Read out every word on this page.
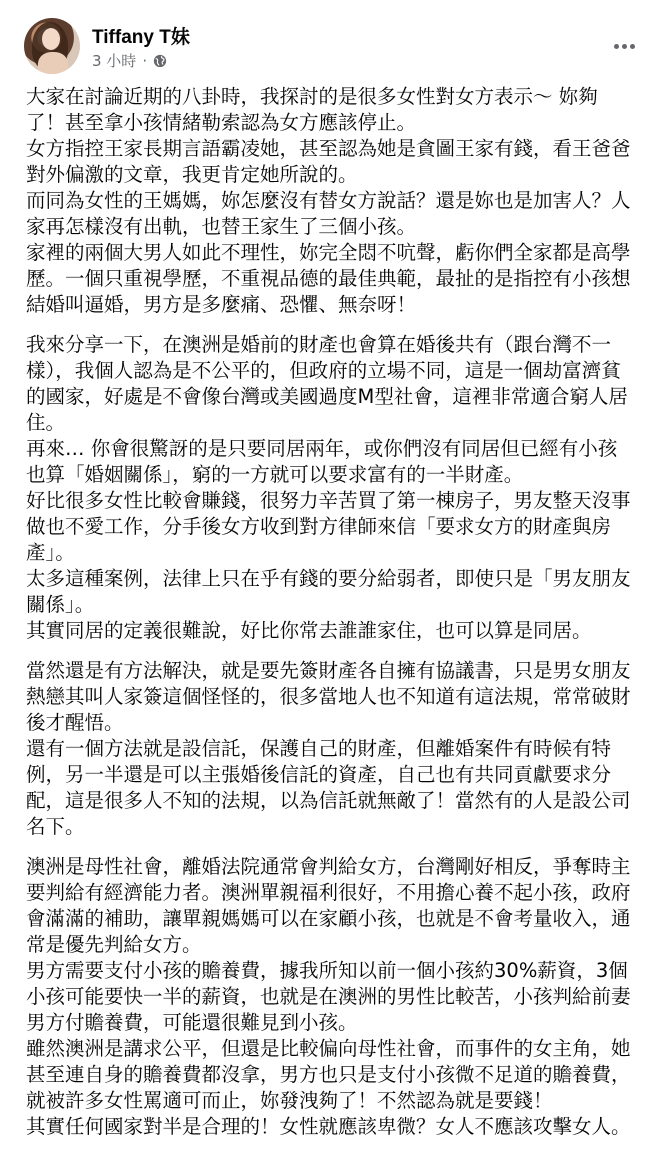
Tiffany T妹
3 小時 ·
大家在討論近期的八卦時，我探討的是很多女性對女方表示～ 妳夠
了！甚至拿小孩情緒勒索認為女方應該停止。
女方指控王家長期言語霸凌她，甚至認為她是貪圖王家有錢，看王爸爸
對外偏激的文章，我更肯定她所說的。
而同為女性的王媽媽，妳怎麼沒有替女方說話？還是妳也是加害人？人
家再怎樣沒有出軌，也替王家生了三個小孩。
家裡的兩個大男人如此不理性，妳完全悶不吭聲，虧你們全家都是高學
歷。一個只重視學歷，不重視品德的最佳典範，最扯的是指控有小孩想
結婚叫逼婚，男方是多麼痛、恐懼、無奈呀！
我來分享一下，在澳洲是婚前的財產也會算在婚後共有（跟台灣不一
樣），我個人認為是不公平的，但政府的立場不同，這是一個劫富濟貧
的國家，好處是不會像台灣或美國過度M型社會，這裡非常適合窮人居
住。
再來… 你會很驚訝的是只要同居兩年，或你們沒有同居但已經有小孩
也算「婚姻關係」，窮的一方就可以要求富有的一半財產。
好比很多女性比較會賺錢，很努力辛苦買了第一棟房子，男友整天沒事
做也不愛工作，分手後女方收到對方律師來信「要求女方的財產與房
產」。
太多這種案例，法律上只在乎有錢的要分給弱者，即使只是「男友朋友
關係」。
其實同居的定義很難說，好比你常去誰誰家住，也可以算是同居。
當然還是有方法解決，就是要先簽財產各自擁有協議書，只是男女朋友
熱戀其叫人家簽這個怪怪的，很多當地人也不知道有這法規，常常破財
後才醒悟。
還有一個方法就是設信託，保護自己的財產，但離婚案件有時候有特
例，另一半還是可以主張婚後信託的資產，自己也有共同貢獻要求分
配，這是很多人不知的法規，以為信託就無敵了！當然有的人是設公司
名下。
澳洲是母性社會，離婚法院通常會判給女方，台灣剛好相反，爭奪時主
要判給有經濟能力者。澳洲單親福利很好，不用擔心養不起小孩，政府
會滿滿的補助，讓單親媽媽可以在家顧小孩，也就是不會考量收入，通
常是優先判給女方。
男方需要支付小孩的贍養費，據我所知以前一個小孩約30%薪資，3個
小孩可能要快一半的薪資，也就是在澳洲的男性比較苦，小孩判給前妻
男方付贍養費，可能還很難見到小孩。
雖然澳洲是講求公平，但還是比較偏向母性社會，而事件的女主角，她
甚至連自身的贍養費都沒拿，男方也只是支付小孩微不足道的贍養費，
就被許多女性罵適可而止，妳發洩夠了！不然認為就是要錢！
其實任何國家對半是合理的！女性就應該卑微？女人不應該攻擊女人。
